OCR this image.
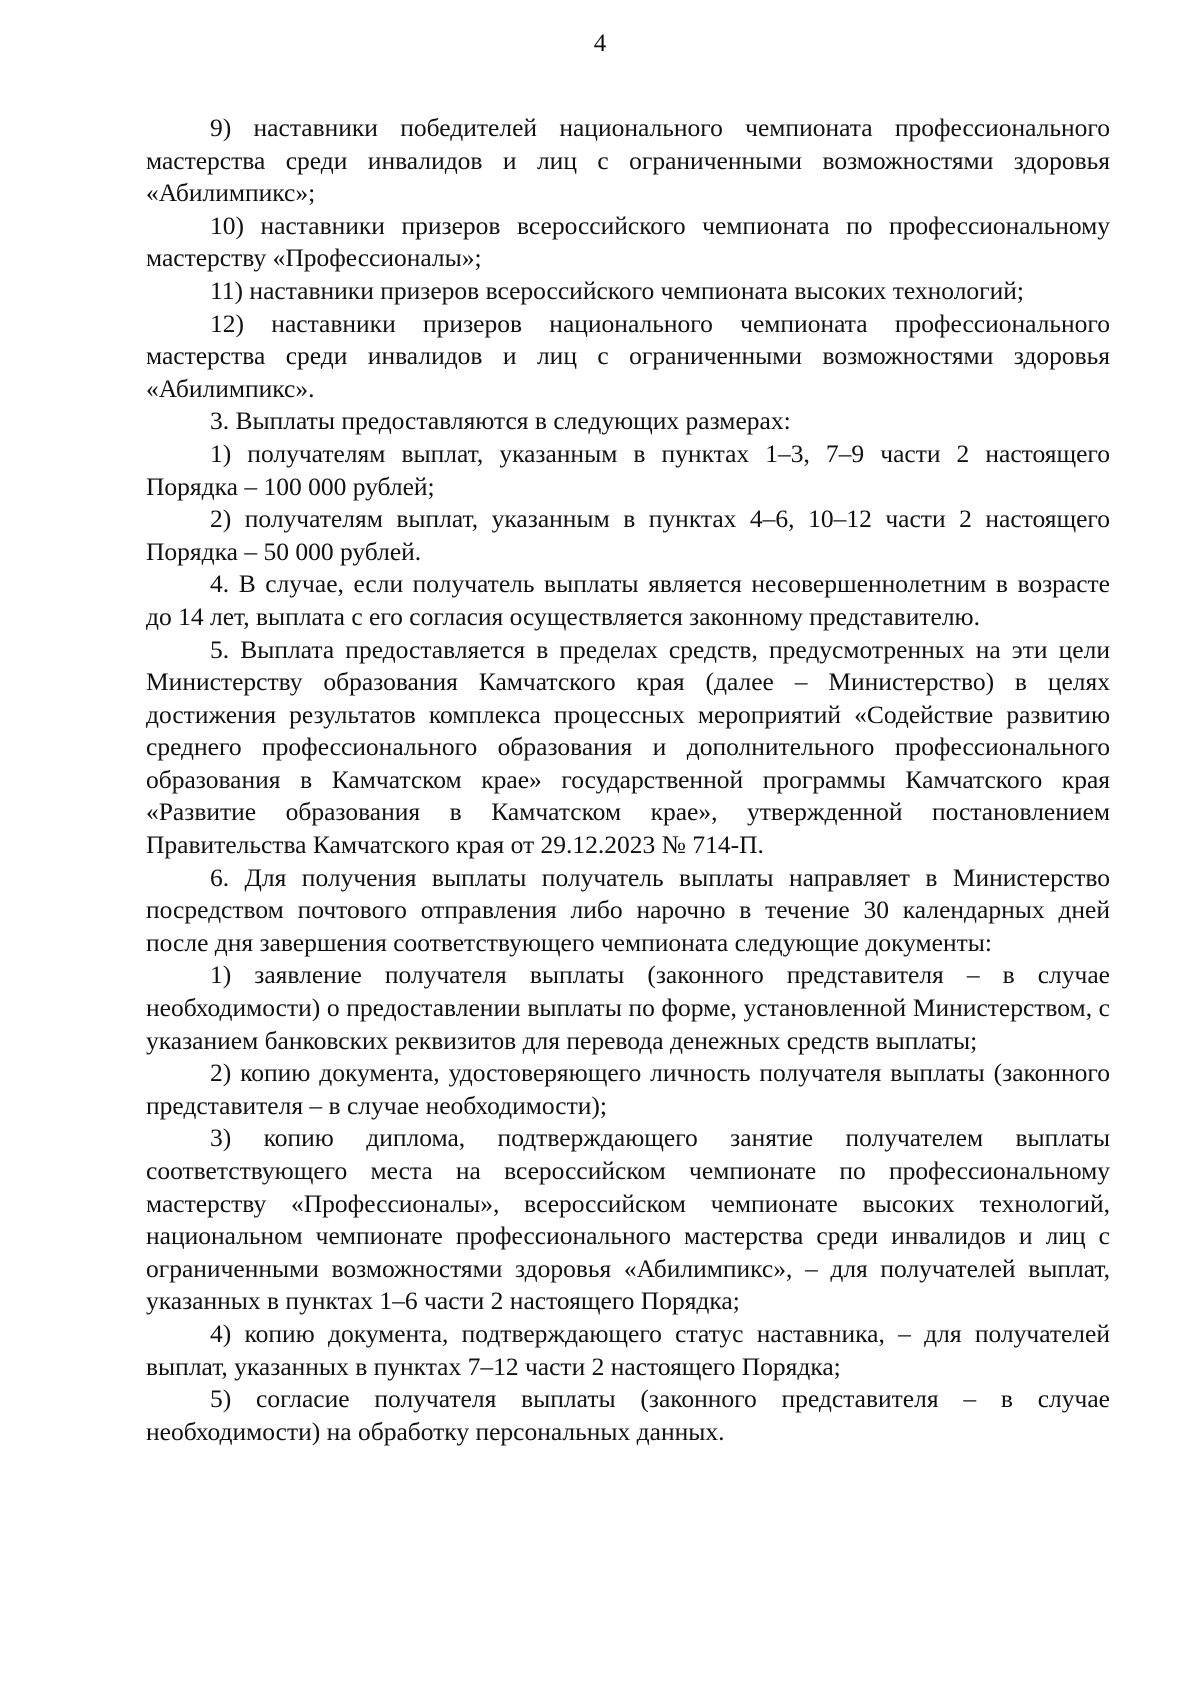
4

9) наставники победителей национального чемпионата профессионального мастерства среди инвалидов и лиц с ограниченными возможностями здоровья «Абилимпикс»;

10) наставники призеров всероссийского чемпионата по профессиональному мастерству «Профессионалы»;

11) наставники призеров всероссийского чемпионата высоких технологий;

12) наставники призеров национального чемпионата профессионального мастерства среди инвалидов и лиц с ограниченными возможностями здоровья «Абилимпикс».

3. Выплаты предоставляются в следующих размерах:

1) получателям выплат, указанным в пунктах 1–3, 7–9 части 2 настоящего Порядка – 100 000 рублей;

2) получателям выплат, указанным в пунктах 4–6, 10–12 части 2 настоящего Порядка – 50 000 рублей.

4. В случае, если получатель выплаты является несовершеннолетним в возрасте до 14 лет, выплата с его согласия осуществляется законному представителю.

5. Выплата предоставляется в пределах средств, предусмотренных на эти цели Министерству образования Камчатского края (далее – Министерство) в целях достижения результатов комплекса процессных мероприятий «Содействие развитию среднего профессионального образования и дополнительного профессионального образования в Камчатском крае» государственной программы Камчатского края «Развитие образования в Камчатском крае», утвержденной постановлением Правительства Камчатского края от 29.12.2023 № 714-П.

6. Для получения выплаты получатель выплаты направляет в Министерство посредством почтового отправления либо нарочно в течение 30 календарных дней после дня завершения соответствующего чемпионата следующие документы:

1) заявление получателя выплаты (законного представителя – в случае необходимости) о предоставлении выплаты по форме, установленной Министерством, с указанием банковских реквизитов для перевода денежных средств выплаты;

2) копию документа, удостоверяющего личность получателя выплаты (законного представителя – в случае необходимости);

3) копию диплома, подтверждающего занятие получателем выплаты соответствующего места на всероссийском чемпионате по профессиональному мастерству «Профессионалы», всероссийском чемпионате высоких технологий, национальном чемпионате профессионального мастерства среди инвалидов и лиц с ограниченными возможностями здоровья «Абилимпикс», – для получателей выплат, указанных в пунктах 1–6 части 2 настоящего Порядка;

4) копию документа, подтверждающего статус наставника, – для получателей выплат, указанных в пунктах 7–12 части 2 настоящего Порядка;

5) согласие получателя выплаты (законного представителя – в случае необходимости) на обработку персональных данных.
